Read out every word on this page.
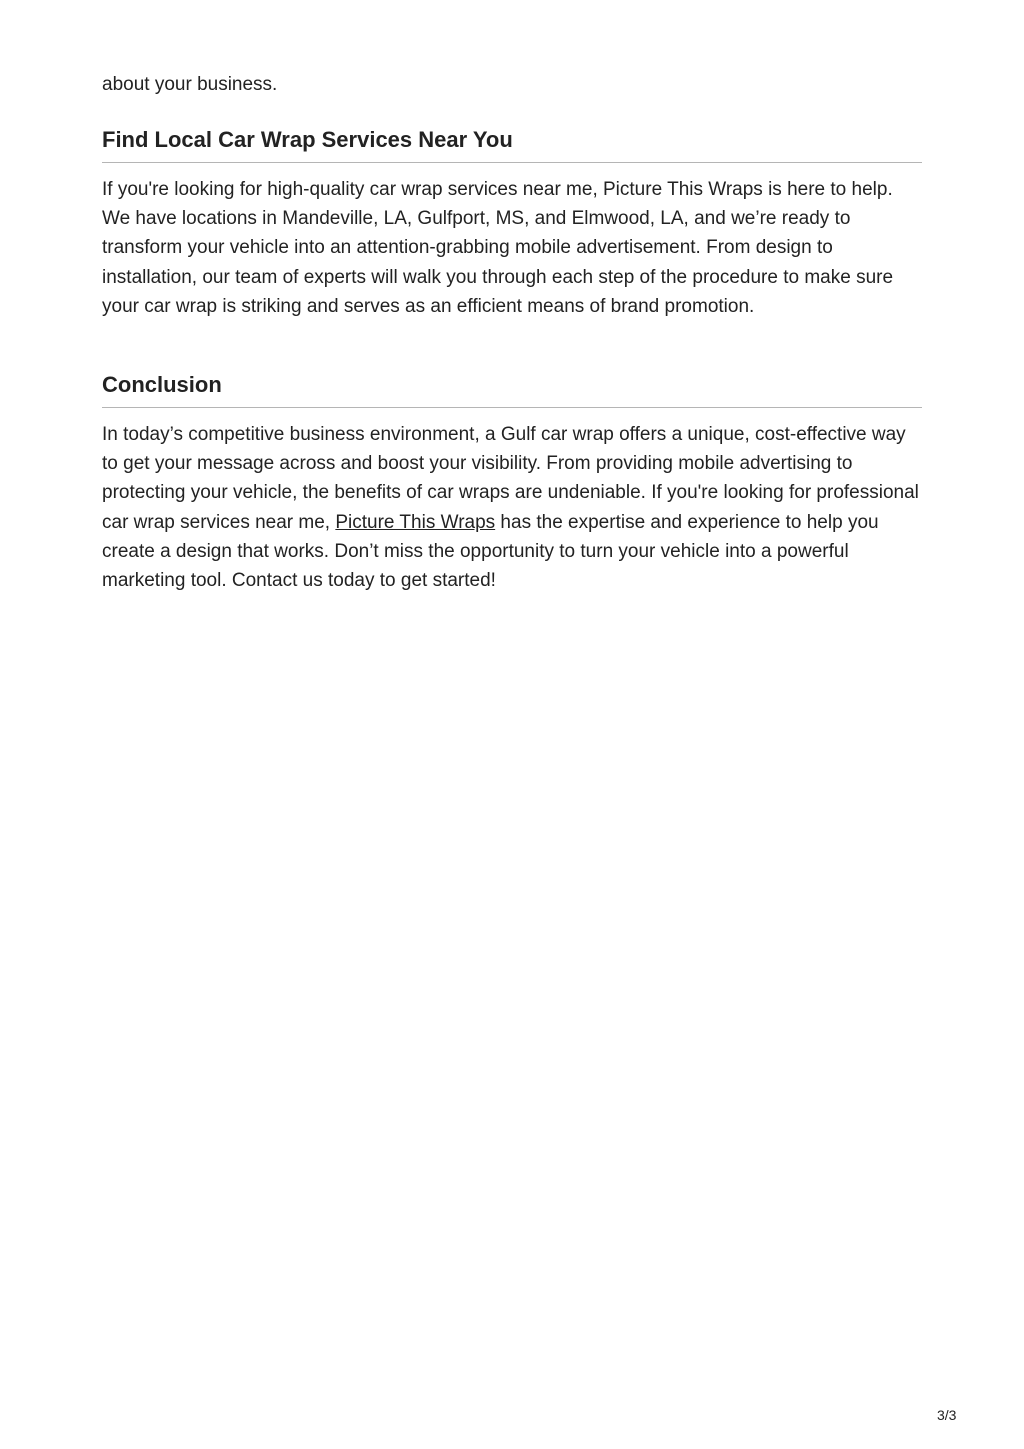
about your business.
Find Local Car Wrap Services Near You

If you're looking for high-quality car wrap services near me, Picture This Wraps is here to help. We have locations in Mandeville, LA, Gulfport, MS, and Elmwood, LA, and we’re ready to transform your vehicle into an attention-grabbing mobile advertisement. From design to installation, our team of experts will walk you through each step of the procedure to make sure your car wrap is striking and serves as an efficient means of brand promotion.

Conclusion

In today’s competitive business environment, a Gulf car wrap offers a unique, cost-effective way to get your message across and boost your visibility. From providing mobile advertising to protecting your vehicle, the benefits of car wraps are undeniable. If you're looking for professional car wrap services near me, Picture This Wraps has the expertise and experience to help you create a design that works. Don’t miss the opportunity to turn your vehicle into a powerful marketing tool. Contact us today to get started!

3/3
